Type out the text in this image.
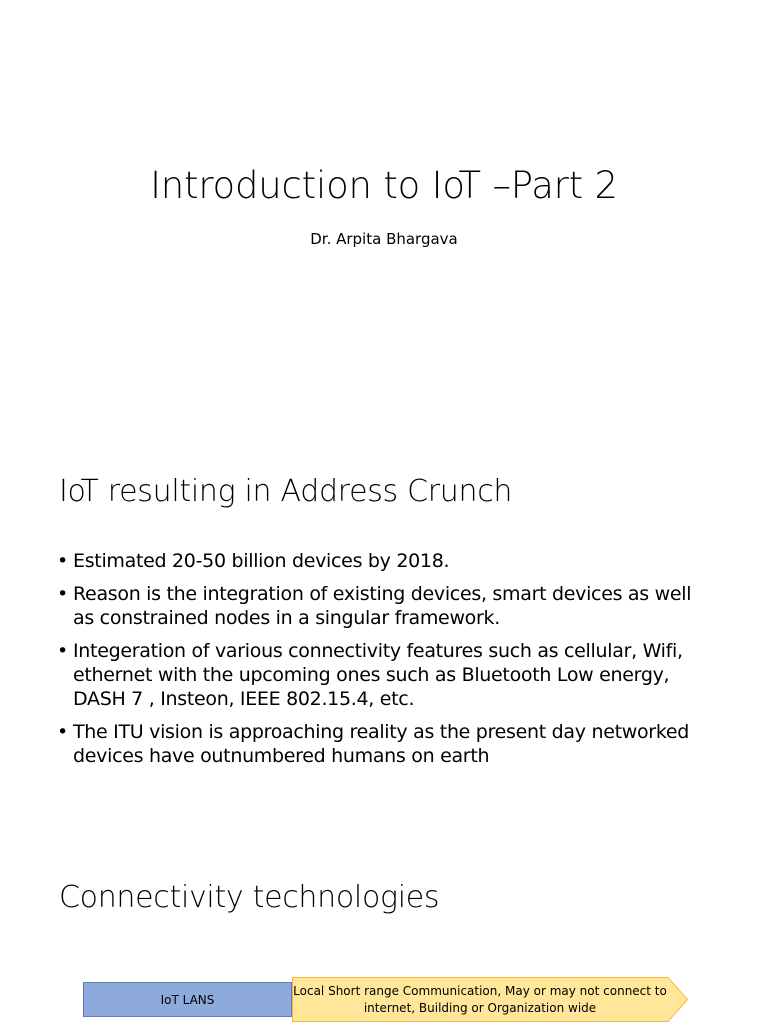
Introduction to IoT –Part 2
Dr. Arpita Bhargava
IoT resulting in Address Crunch
• Estimated 20-50 billion devices by 2018.
• Reason is the integration of existing devices, smart devices as well as constrained nodes in a singular framework.
• Integeration of various connectivity features such as cellular, Wifi, ethernet with the upcoming ones such as Bluetooth Low energy, DASH 7 , Insteon, IEEE 802.15.4, etc.
• The ITU vision is approaching reality as the present day networked devices have outnumbered humans on earth
Connectivity technologies
IoT LANS
Local Short range Communication, May or may not connect to internet, Building or Organization wide
